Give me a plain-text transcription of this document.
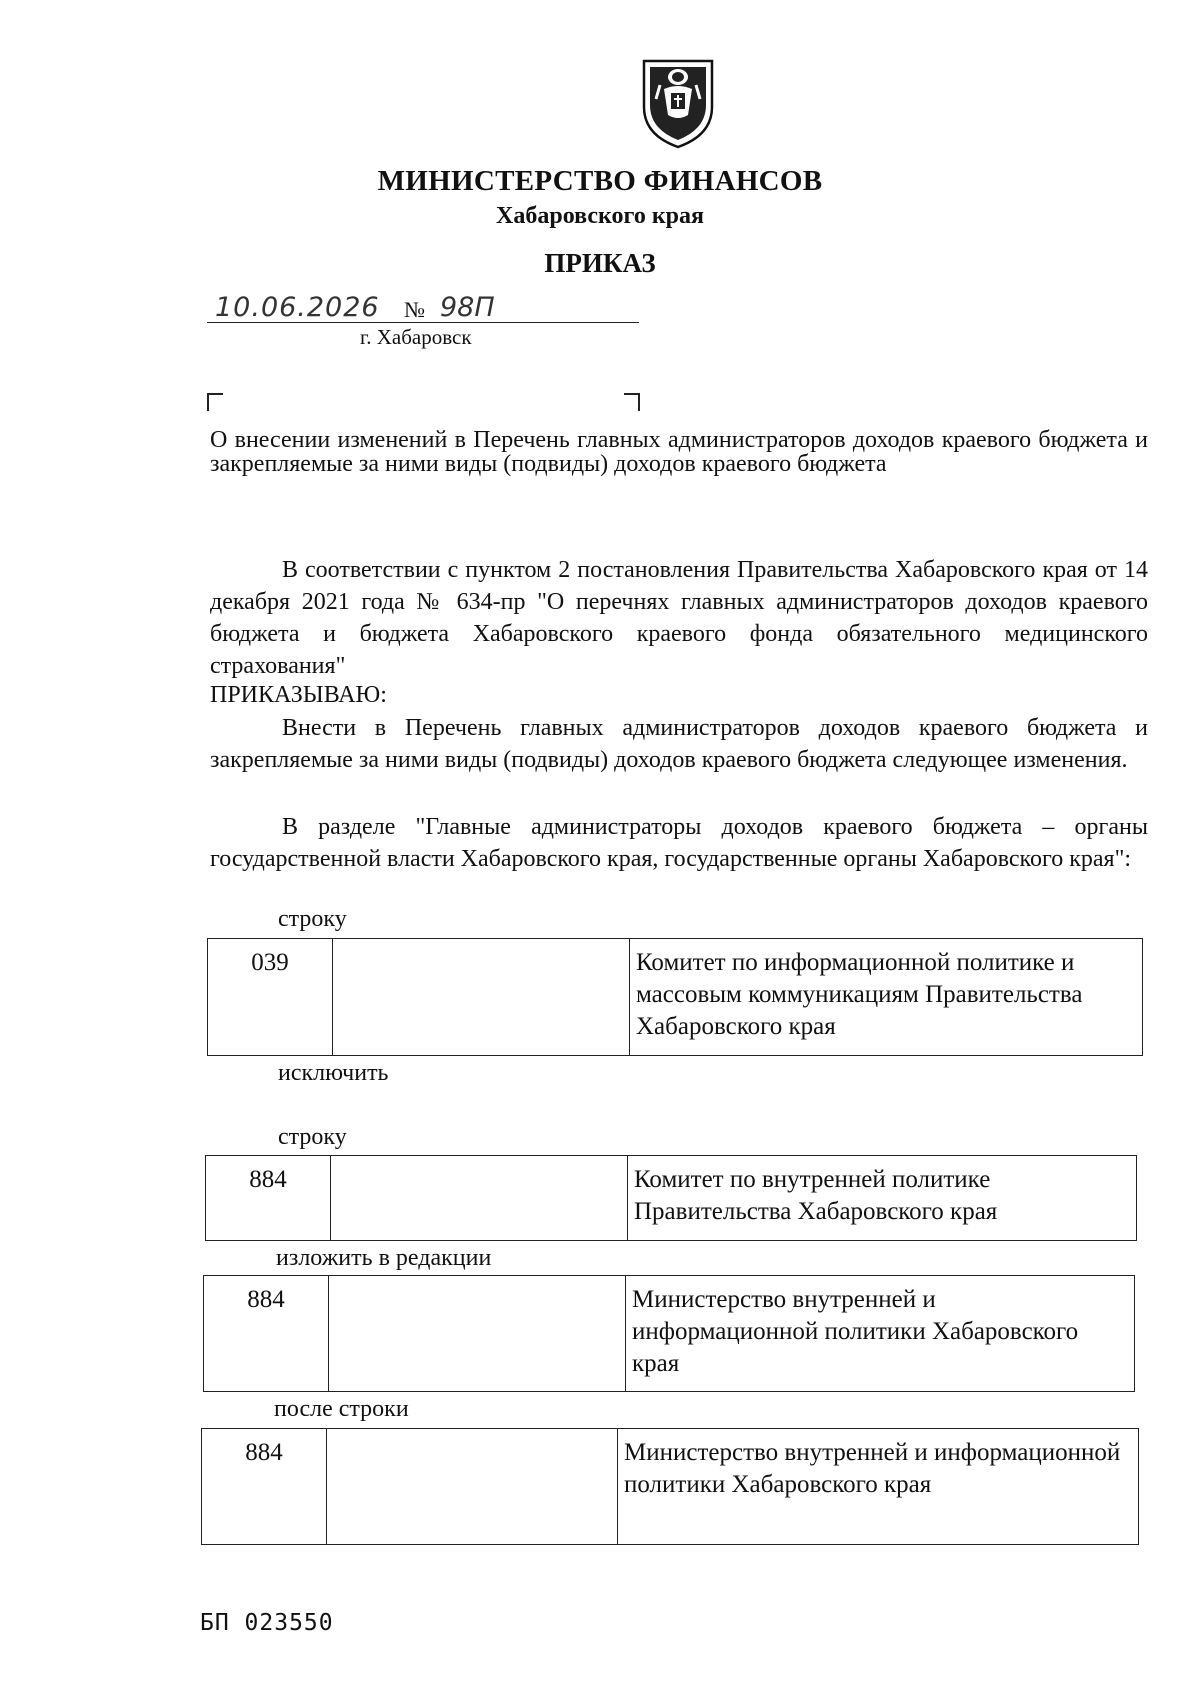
МИНИСТЕРСТВО ФИНАНСОВ
Хабаровского края
ПРИКАЗ
10.06.2026 № 98П
г. Хабаровск
О внесении изменений в Перечень главных администраторов доходов краевого бюджета и закрепляемые за ними виды (подвиды) доходов краевого бюджета
В соответствии с пунктом 2 постановления Правительства Хабаровского края от 14 декабря 2021 года № 634-пр "О перечнях главных администраторов доходов краевого бюджета и бюджета Хабаровского краевого фонда обязательного медицинского страхования"
ПРИКАЗЫВАЮ:
Внести в Перечень главных администраторов доходов краевого бюджета и закрепляемые за ними виды (подвиды) доходов краевого бюджета следующее изменения.
В разделе "Главные администраторы доходов краевого бюджета – органы государственной власти Хабаровского края, государственные органы Хабаровского края":
строку
039		Комитет по информационной политике и массовым коммуникациям Правительства Хабаровского края
исключить
строку
884		Комитет по внутренней политике Правительства Хабаровского края
изложить в редакции
884		Министерство внутренней и информационной политики Хабаровского края
после строки
884		Министерство внутренней и информационной политики Хабаровского края
БП 023550
